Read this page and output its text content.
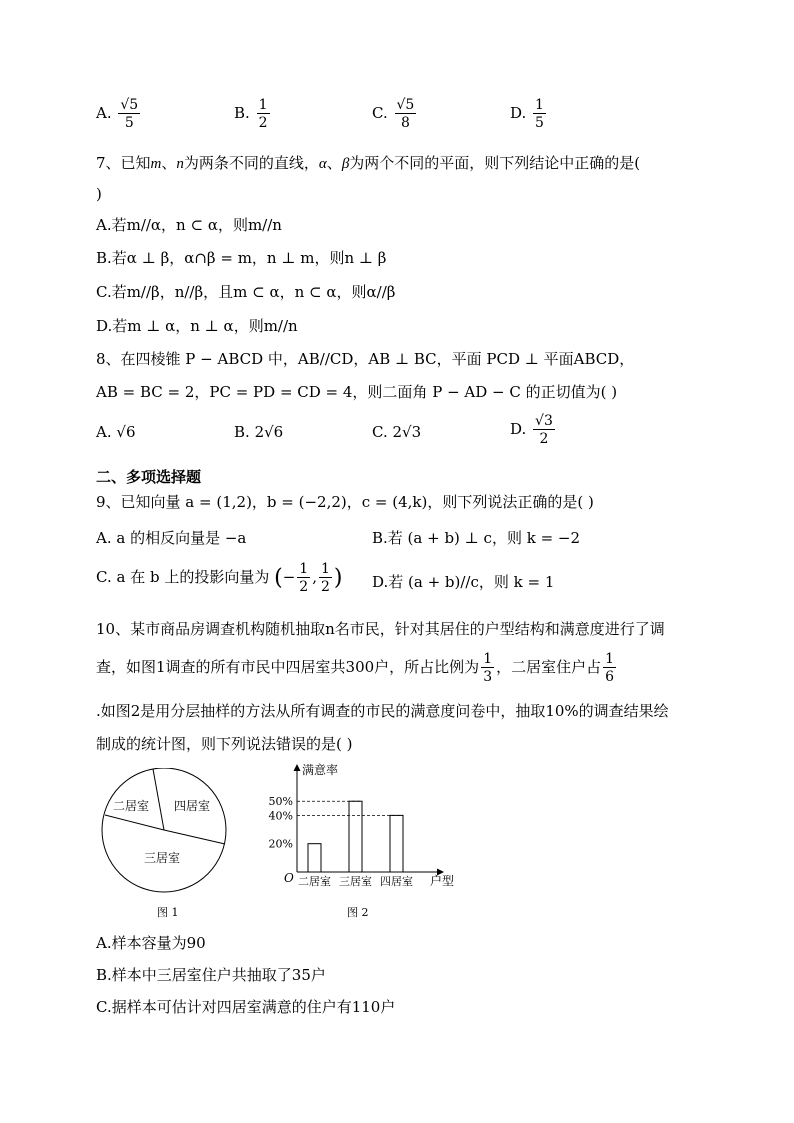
A. $\frac{√5}{5}$	B. $\frac{1}{2}$	C. $\frac{√5}{8}$	D. $\frac{1}{5}$
7、已知m、n为两条不同的直线，α、β为两个不同的平面，则下列结论中正确的是(
)
A.若m//α，n ⊂ α，则m//n
B.若α ⊥ β，α∩β = m，n ⊥ m，则n ⊥ β
C.若m//β，n//β，且m ⊂ α，n ⊂ α，则α//β
D.若m ⊥ α，n ⊥ α，则m//n
8、在四棱锥 P − ABCD 中，AB//CD，AB ⊥ BC，平面 PCD ⊥ 平面ABCD，
AB = BC = 2，PC = PD = CD = 4，则二面角 P − AD − C 的正切值为( )
A. √6	B. 2√6	C. 2√3	D. $\frac{√3}{2}$
二、多项选择题
9、已知向量 a = (1,2)，b = (−2,2)，c = (4,k)，则下列说法正确的是( )
A. a 的相反向量是 −a	B.若 (a + b) ⊥ c，则 k = −2
C. a 在 b 上的投影向量为 (− $\frac{1}{2}$ , $\frac{1}{2}$ ) D.若 (a + b)//c，则 k = 1
10、某市商品房调查机构随机抽取n名市民，针对其居住的户型结构和满意度进行了调
查，如图1调查的所有市民中四居室共300户，所占比例为 $\frac{1}{3}$ ，二居室住户占 $\frac{1}{6}$
.如图2是用分层抽样的方法从所有调查的市民的满意度问卷中，抽取10%的调查结果绘
制成的统计图，则下列说法错误的是( )
二居室 四居室
三居室
图 1
满意率
户型
O
20%
40%
50%
二居室 三居室 四居室
图 2
A.样本容量为90
B.样本中三居室住户共抽取了35户
C.据样本可估计对四居室满意的住户有110户
